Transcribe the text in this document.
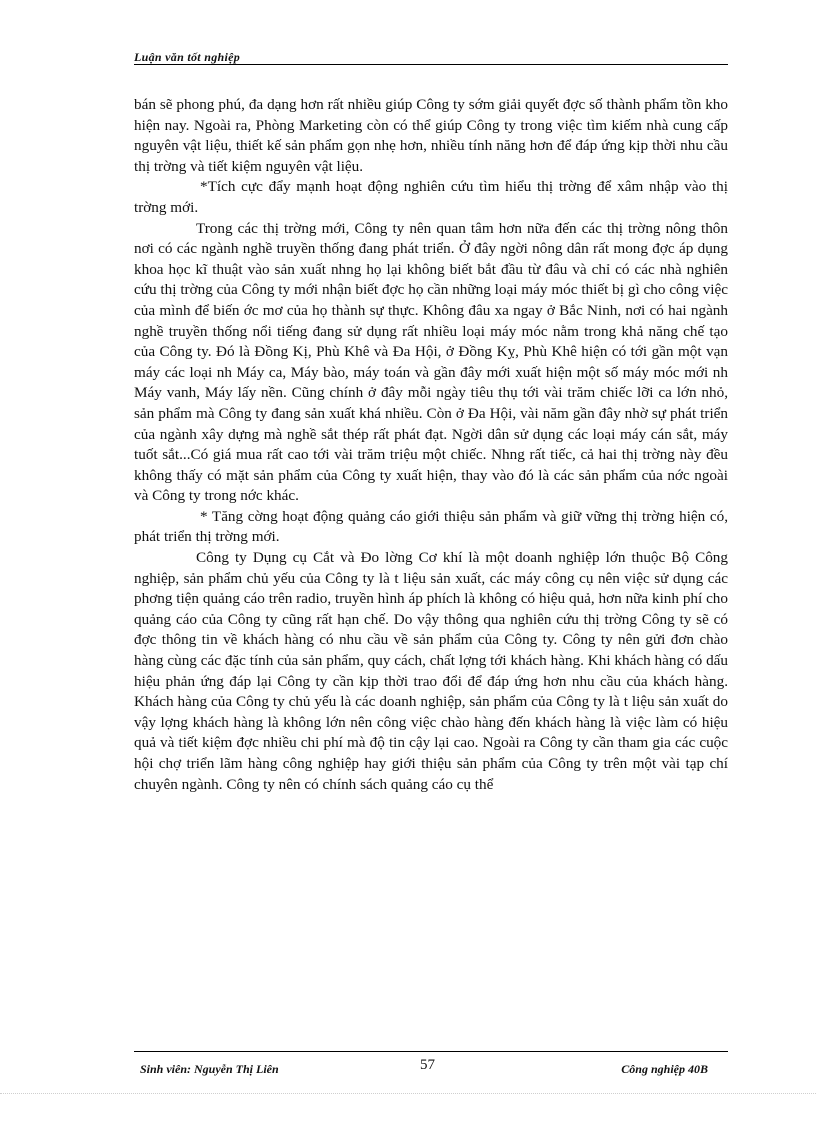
Luận văn tốt nghiệp

bán sẽ phong phú, đa dạng hơn rất nhiều giúp Công ty sớm giải quyết đợc số thành phẩm tồn kho hiện nay. Ngoài ra, Phòng Marketing còn có thể giúp Công ty trong việc tìm kiếm nhà cung cấp nguyên vật liệu, thiết kế sản phẩm gọn nhẹ hơn, nhiều tính năng hơn để đáp ứng kịp thời nhu cầu thị trờng và tiết kiệm nguyên vật liệu.

*Tích cực đẩy mạnh hoạt động nghiên cứu tìm hiểu thị trờng để xâm nhập vào thị trờng mới.

Trong các thị trờng mới, Công ty nên quan tâm hơn nữa đến các thị trờng nông thôn nơi có các ngành nghề truyền thống đang phát triển. Ở đây ngời nông dân rất mong đợc áp dụng khoa học kĩ thuật vào sản xuất nhng họ lại không biết bắt đầu từ đâu và chỉ có các nhà nghiên cứu thị trờng của Công ty mới nhận biết đợc họ cần những loại máy móc thiết bị gì cho công việc của mình để biến ớc mơ của họ thành sự thực. Không đâu xa ngay ở Bắc Ninh, nơi có hai ngành nghề truyền thống nổi tiếng đang sử dụng rất nhiều loại máy móc nằm trong khả năng chế tạo của Công ty. Đó là Đồng Kị, Phù Khê và Đa Hội, ở Đồng Kỵ, Phù Khê hiện có tới gần một vạn máy các loại nh Máy ca, Máy bào, máy toán và gần đây mới xuất hiện một số máy móc mới nh Máy vanh, Máy lấy nền. Cũng chính ở đây mỗi ngày tiêu thụ tới vài trăm chiếc lỡi ca lớn nhỏ, sản phẩm mà Công ty đang sản xuất khá nhiều. Còn ở Đa Hội, vài năm gần đây nhờ sự phát triển của ngành xây dựng mà nghề sắt thép rất phát đạt. Ngời dân sử dụng các loại máy cán sắt, máy tuốt sắt...Có giá mua rất cao tới vài trăm triệu một chiếc. Nhng rất tiếc, cả hai thị trờng này đều không thấy có mặt sản phẩm của Công ty xuất hiện, thay vào đó là các sản phẩm của nớc ngoài và Công ty trong nớc khác.

* Tăng cờng hoạt động quảng cáo giới thiệu sản phẩm và giữ vững thị trờng hiện có, phát triển thị trờng mới.

Công ty Dụng cụ Cắt và Đo lờng Cơ khí là một doanh nghiệp lớn thuộc Bộ Công nghiệp, sản phẩm chủ yếu của Công ty là t liệu sản xuất, các máy công cụ nên việc sử dụng các phơng tiện quảng cáo trên radio, truyền hình áp phích là không có hiệu quả, hơn nữa kinh phí cho quảng cáo của Công ty cũng rất hạn chế. Do vậy thông qua nghiên cứu thị trờng Công ty sẽ có đợc thông tin về khách hàng có nhu cầu về sản phẩm của Công ty. Công ty nên gửi đơn chào hàng cùng các đặc tính của sản phẩm, quy cách, chất lợng tới khách hàng. Khi khách hàng có dấu hiệu phản ứng đáp lại Công ty cần kịp thời trao đổi để đáp ứng hơn nhu cầu của khách hàng. Khách hàng của Công ty chủ yếu là các doanh nghiệp, sản phẩm của Công ty là t liệu sản xuất do vậy lợng khách hàng là không lớn nên công việc chào hàng đến khách hàng là việc làm có hiệu quả và tiết kiệm đợc nhiều chi phí mà độ tin cậy lại cao. Ngoài ra Công ty cần tham gia các cuộc hội chợ triển lãm hàng công nghiệp hay giới thiệu sản phẩm của Công ty trên một vài tạp chí chuyên ngành. Công ty nên có chính sách quảng cáo cụ thể

Sinh viên: Nguyễn Thị Liên	57	Công nghiệp 40B
